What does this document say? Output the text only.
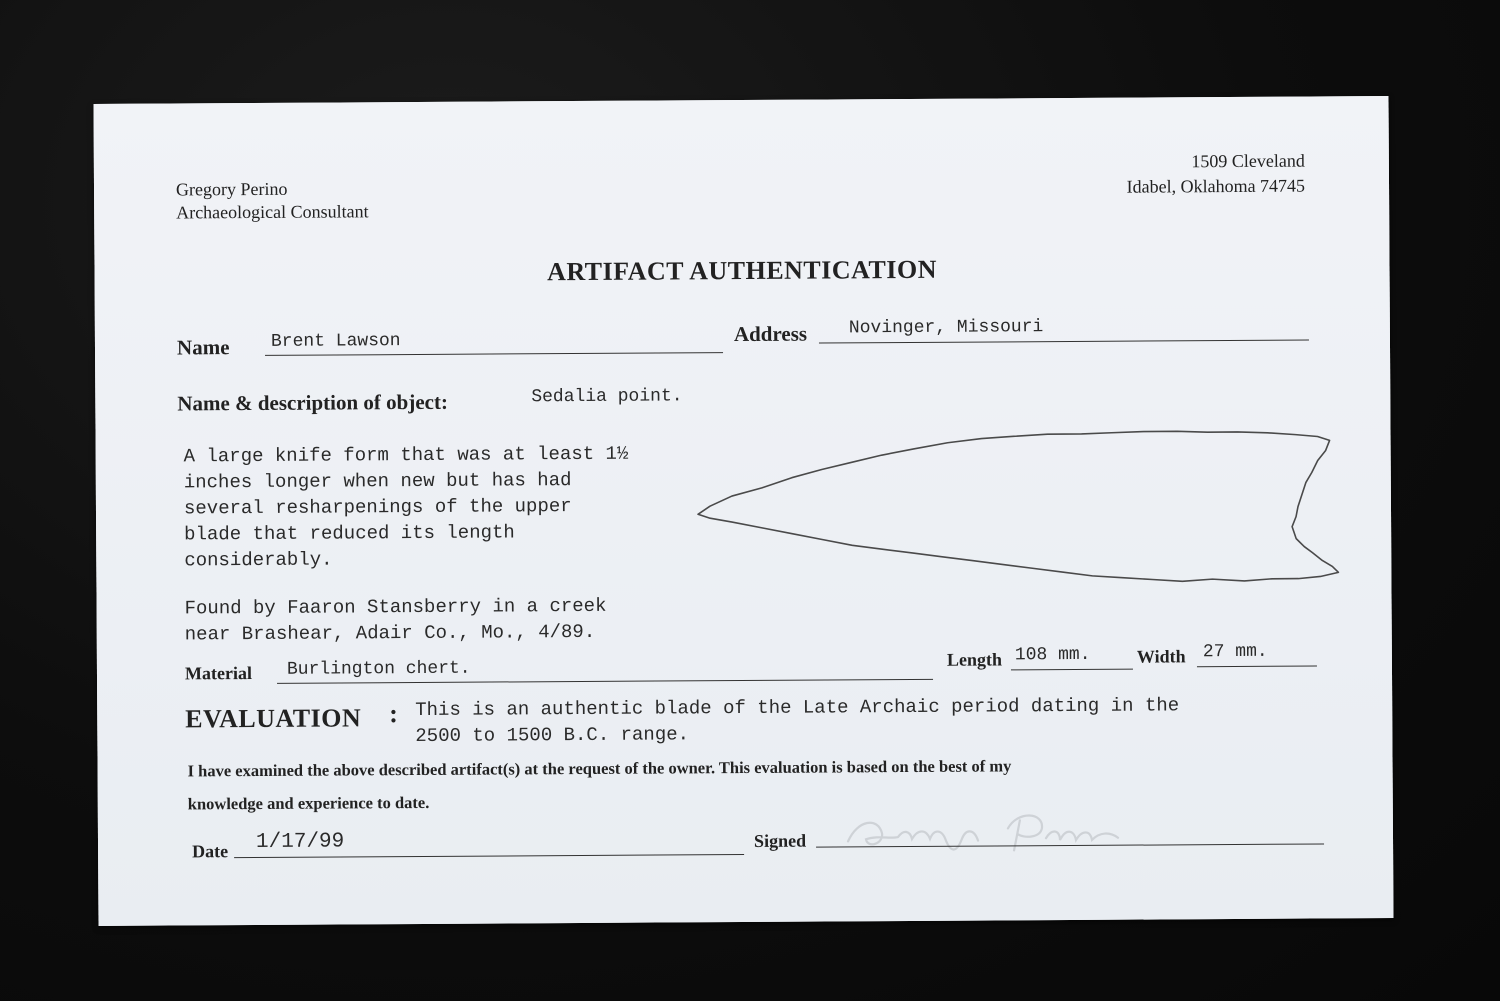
Gregory Perino
Archaeological Consultant
1509 Cleveland
Idabel, Oklahoma 74745
ARTIFACT AUTHENTICATION
Name Brent Lawson	Address Novinger, Missouri
Name & description of object:	Sedalia point.
A large knife form that was at least 1½
inches longer when new but has had
several resharpenings of the upper
blade that reduced its length
considerably.
Found by Faaron Stansberry in a creek
near Brashear, Adair Co., Mo., 4/89.
Material Burlington chert.	Length 108 mm.	Width 27 mm.
EVALUATION : This is an authentic blade of the Late Archaic period dating in the
2500 to 1500 B.C. range.
I have examined the above described artifact(s) at the request of the owner. This evaluation is based on the best of my
knowledge and experience to date.
Date 1/17/99	Signed
